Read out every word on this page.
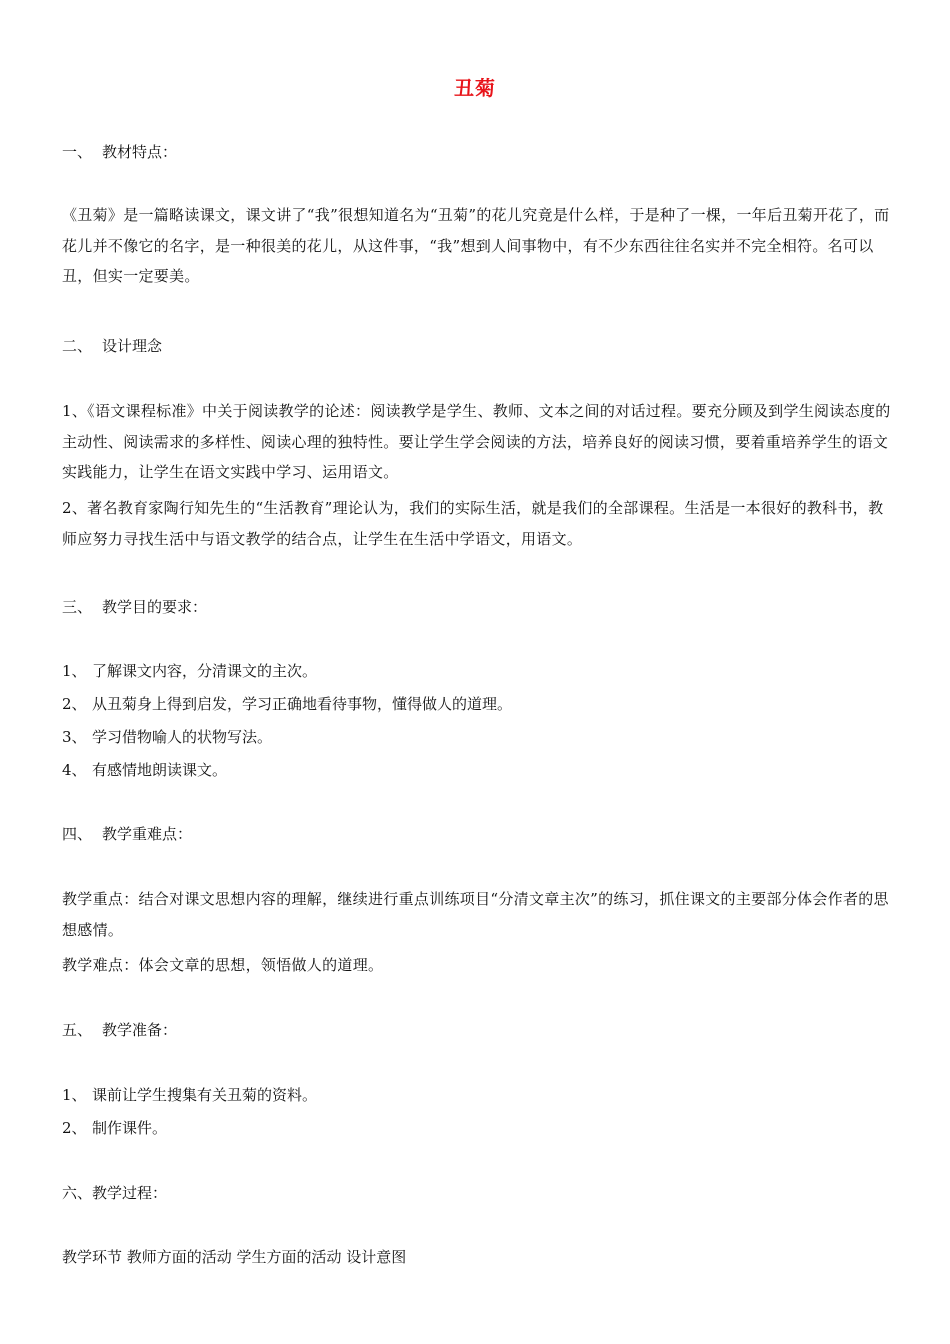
丑菊
一、 教材特点：
《丑菊》是一篇略读课文，课文讲了“我”很想知道名为“丑菊”的花儿究竟是什么样，于是种了一棵，一年后丑菊开花了，而花儿并不像它的名字，是一种很美的花儿，从这件事，“我”想到人间事物中，有不少东西往往名实并不完全相符。名可以丑，但实一定要美。
二、 设计理念
1、《语文课程标准》中关于阅读教学的论述：阅读教学是学生、教师、文本之间的对话过程。要充分顾及到学生阅读态度的主动性、阅读需求的多样性、阅读心理的独特性。要让学生学会阅读的方法，培养良好的阅读习惯，要着重培养学生的语文实践能力，让学生在语文实践中学习、运用语文。
2、著名教育家陶行知先生的“生活教育”理论认为，我们的实际生活，就是我们的全部课程。生活是一本很好的教科书，教师应努力寻找生活中与语文教学的结合点，让学生在生活中学语文，用语文。
三、 教学目的要求：
1、 了解课文内容，分清课文的主次。
2、 从丑菊身上得到启发，学习正确地看待事物，懂得做人的道理。
3、 学习借物喻人的状物写法。
4、 有感情地朗读课文。
四、 教学重难点：
教学重点：结合对课文思想内容的理解，继续进行重点训练项目“分清文章主次”的练习，抓住课文的主要部分体会作者的思想感情。
教学难点：体会文章的思想，领悟做人的道理。
五、 教学准备：
1、 课前让学生搜集有关丑菊的资料。
2、 制作课件。
六、教学过程：
教学环节 教师方面的活动 学生方面的活动 设计意图
